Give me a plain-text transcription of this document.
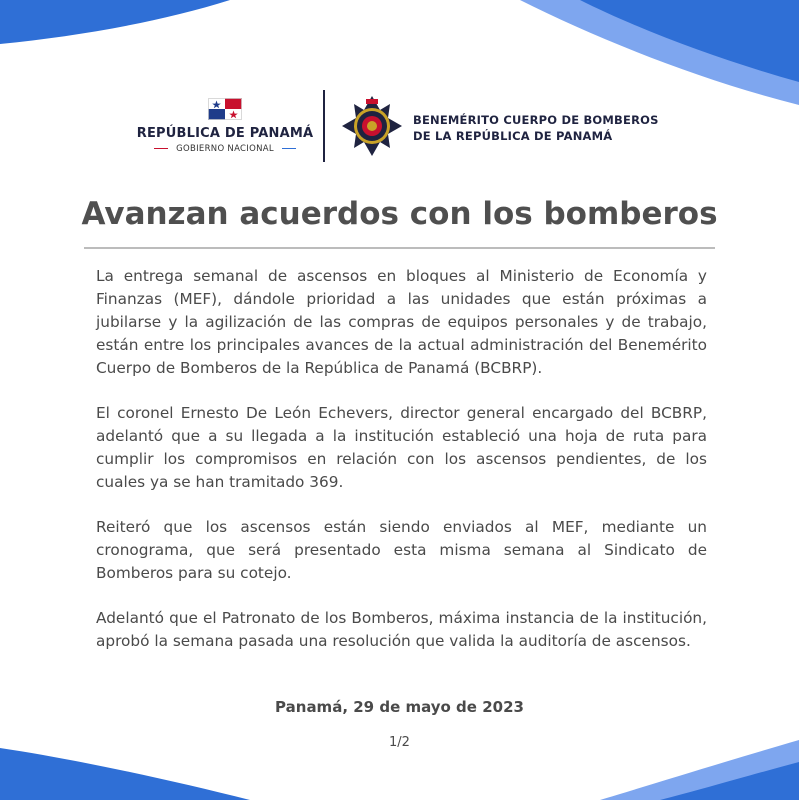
REPÚBLICA DE PANAMÁ
GOBIERNO NACIONAL
BENEMÉRITO CUERPO DE BOMBEROS
DE LA REPÚBLICA DE PANAMÁ
Avanzan acuerdos con los bomberos

La entrega semanal de ascensos en bloques al Ministerio de Economía y Finanzas (MEF), dándole prioridad a las unidades que están próximas a jubilarse y la agilización de las compras de equipos personales y de trabajo, están entre los principales avances de la actual administración del Benemérito Cuerpo de Bomberos de la República de Panamá (BCBRP).

El coronel Ernesto De León Echevers, director general encargado del BCBRP, adelantó que a su llegada a la institución estableció una hoja de ruta para cumplir los compromisos en relación con los ascensos pendientes, de los cuales ya se han tramitado 369.

Reiteró que los ascensos están siendo enviados al MEF, mediante un cronograma, que será presentado esta misma semana al Sindicato de Bomberos para su cotejo.

Adelantó que el Patronato de los Bomberos, máxima instancia de la institución, aprobó la semana pasada una resolución que valida la auditoría de ascensos.

Panamá, 29 de mayo de 2023
1/2
